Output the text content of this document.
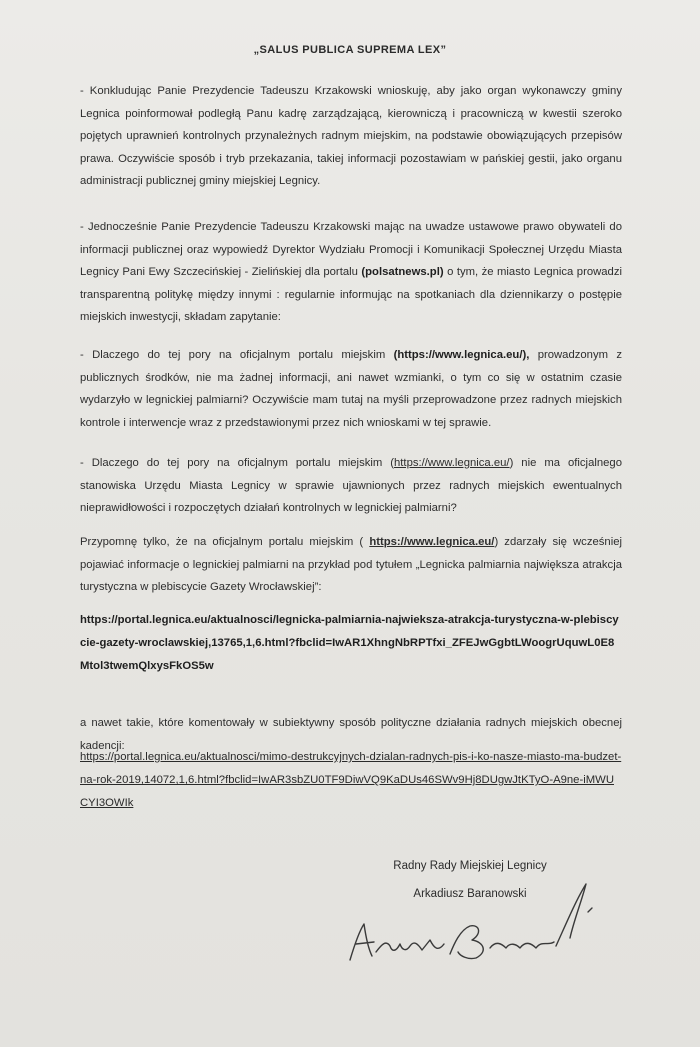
„SALUS PUBLICA SUPREMA LEX”

- Konkludując Panie Prezydencie Tadeuszu Krzakowski wnioskuję, aby jako organ wykonawczy gminy Legnica poinformował podległą Panu kadrę zarządzającą, kierowniczą i pracowniczą w kwestii szeroko pojętych uprawnień kontrolnych przynależnych radnym miejskim, na podstawie obowiązujących przepisów prawa. Oczywiście sposób i tryb przekazania, takiej informacji pozostawiam w pańskiej gestii, jako organu administracji publicznej gminy miejskiej Legnicy.

- Jednocześnie Panie Prezydencie Tadeuszu Krzakowski mając na uwadze ustawowe prawo obywateli do informacji publicznej oraz wypowiedź Dyrektor Wydziału Promocji i Komunikacji Społecznej Urzędu Miasta Legnicy Pani Ewy Szczecińskiej - Zielińskiej dla portalu (polsatnews.pl) o tym, że miasto Legnica prowadzi transparentną politykę między innymi : regularnie informując na spotkaniach dla dziennikarzy o postępie miejskich inwestycji, składam zapytanie:

- Dlaczego do tej pory na oficjalnym portalu miejskim (https://www.legnica.eu/), prowadzonym z publicznych środków, nie ma żadnej informacji, ani nawet wzmianki, o tym co się w ostatnim czasie wydarzyło w legnickiej palmiarni? Oczywiście mam tutaj na myśli przeprowadzone przez radnych miejskich kontrole i interwencje wraz z przedstawionymi przez nich wnioskami w tej sprawie.

- Dlaczego do tej pory na oficjalnym portalu miejskim (https://www.legnica.eu/) nie ma oficjalnego stanowiska Urzędu Miasta Legnicy w sprawie ujawnionych przez radnych miejskich ewentualnych nieprawidłowości i rozpoczętych działań kontrolnych w legnickiej palmiarni?

Przypomnę tylko, że na oficjalnym portalu miejskim ( https://www.legnica.eu/) zdarzały się wcześniej pojawiać informacje o legnickiej palmiarni na przykład pod tytułem „Legnicka palmiarnia największa atrakcja turystyczna w plebiscycie Gazety Wrocławskiej”:

https://portal.legnica.eu/aktualnosci/legnicka-palmiarnia-najwieksza-atrakcja-turystyczna-w-plebiscycie-gazety-wroclawskiej,13765,1,6.html?fbclid=IwAR1XhngNbRPTfxi_ZFEJwGgbtLWoogrUquwL0E8Mtol3twemQlxysFkOS5w

a nawet takie, które komentowały w subiektywny sposób polityczne działania radnych miejskich obecnej kadencji:

https://portal.legnica.eu/aktualnosci/mimo-destrukcyjnych-dzialan-radnych-pis-i-ko-nasze-miasto-ma-budzet-na-rok-2019,14072,1,6.html?fbclid=IwAR3sbZU0TF9DiwVQ9KaDUs46SWv9Hj8DUgwJtKTyO-A9ne-iMWUCYI3OWIk

Radny Rady Miejskiej Legnicy
Arkadiusz Baranowski
